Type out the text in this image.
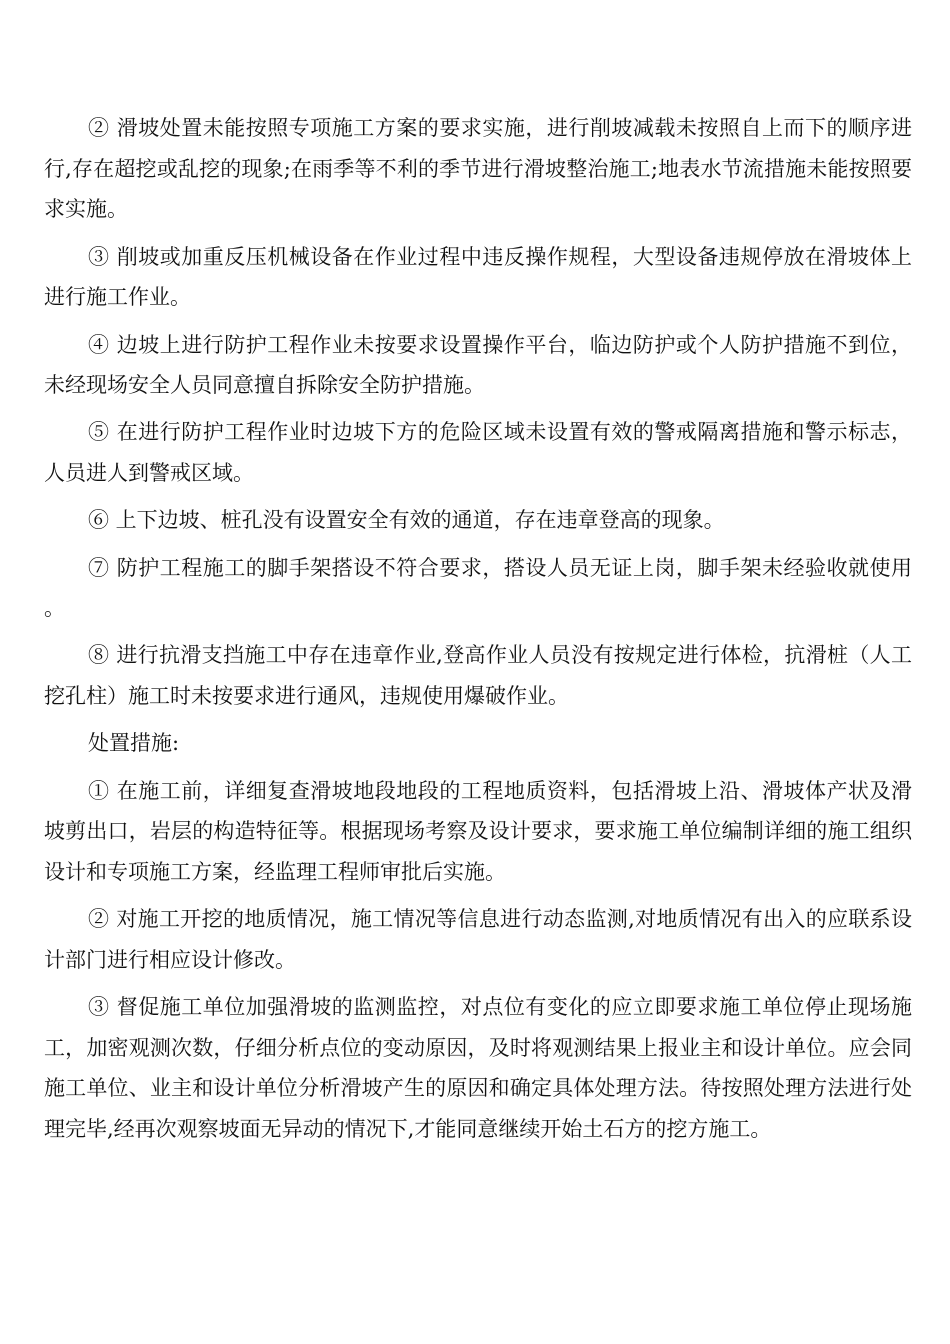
② 滑坡处置未能按照专项施工方案的要求实施，进行削坡减载未按照自上而下的顺序进行,存在超挖或乱挖的现象;在雨季等不利的季节进行滑坡整治施工;地表水节流措施未能按照要求实施。

③ 削坡或加重反压机械设备在作业过程中违反操作规程，大型设备违规停放在滑坡体上进行施工作业。

④ 边坡上进行防护工程作业未按要求设置操作平台，临边防护或个人防护措施不到位，未经现场安全人员同意擅自拆除安全防护措施。

⑤ 在进行防护工程作业时边坡下方的危险区域未设置有效的警戒隔离措施和警示标志，人员进人到警戒区域。

⑥ 上下边坡、桩孔没有设置安全有效的通道，存在违章登高的现象。

⑦ 防护工程施工的脚手架搭设不符合要求，搭设人员无证上岗，脚手架未经验收就使用。

⑧ 进行抗滑支挡施工中存在违章作业,登高作业人员没有按规定进行体检，抗滑桩（人工挖孔柱）施工时未按要求进行通风，违规使用爆破作业。

处置措施:

① 在施工前，详细复查滑坡地段地段的工程地质资料，包括滑坡上沿、滑坡体产状及滑坡剪出口，岩层的构造特征等。根据现场考察及设计要求，要求施工单位编制详细的施工组织设计和专项施工方案，经监理工程师审批后实施。

② 对施工开挖的地质情况，施工情况等信息进行动态监测,对地质情况有出入的应联系设计部门进行相应设计修改。

③ 督促施工单位加强滑坡的监测监控，对点位有变化的应立即要求施工单位停止现场施工，加密观测次数，仔细分析点位的变动原因，及时将观测结果上报业主和设计单位。应会同施工单位、业主和设计单位分析滑坡产生的原因和确定具体处理方法。待按照处理方法进行处理完毕,经再次观察坡面无异动的情况下,才能同意继续开始土石方的挖方施工。
